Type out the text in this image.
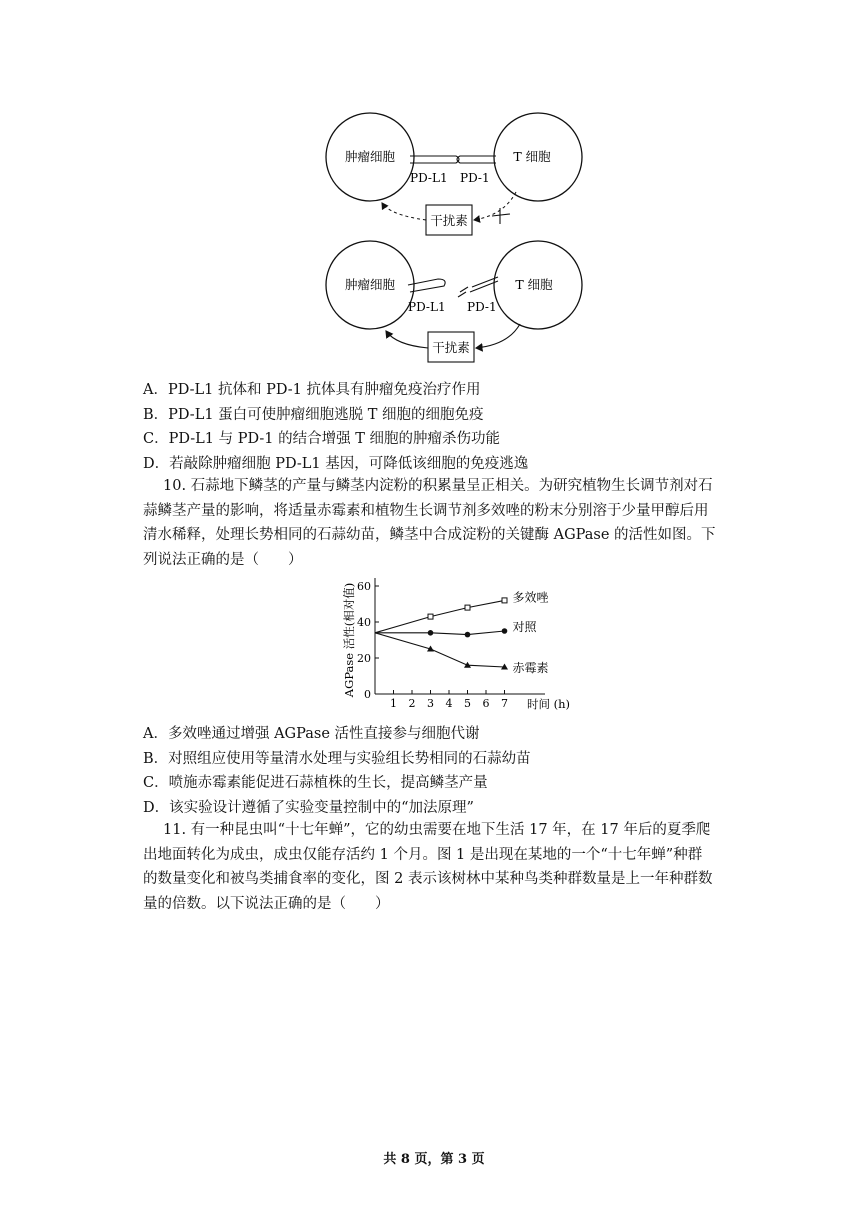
肿瘤细胞	T 细胞
PD-L1 PD-1
干扰素
肿瘤细胞	T 细胞
PD-L1 PD-1
干扰素
A．PD-L1 抗体和 PD-1 抗体具有肿瘤免疫治疗作用
B．PD-L1 蛋白可使肿瘤细胞逃脱 T 细胞的细胞免疫
C．PD-L1 与 PD-1 的结合增强 T 细胞的肿瘤杀伤功能
D．若敲除肿瘤细胞 PD-L1 基因，可降低该细胞的免疫逃逸
10. 石蒜地下鳞茎的产量与鳞茎内淀粉的积累量呈正相关。为研究植物生长调节剂对石
蒜鳞茎产量的影响，将适量赤霉素和植物生长调节剂多效唑的粉末分别溶于少量甲醇后用
清水稀释，处理长势相同的石蒜幼苗，鳞茎中合成淀粉的关键酶 AGPase 的活性如图。下
列说法正确的是（　　）
0
20
40
60
1 2 3 4 5 6 7 时间 (h)
AGPase 活性(相对值)	多效唑
对照
赤霉素
A．多效唑通过增强 AGPase 活性直接参与细胞代谢
B．对照组应使用等量清水处理与实验组长势相同的石蒜幼苗
C．喷施赤霉素能促进石蒜植株的生长，提高鳞茎产量
D．该实验设计遵循了实验变量控制中的“加法原理”
11. 有一种昆虫叫“十七年蝉”，它的幼虫需要在地下生活 17 年，在 17 年后的夏季爬
出地面转化为成虫，成虫仅能存活约 1 个月。图 1 是出现在某地的一个“十七年蝉”种群
的数量变化和被鸟类捕食率的变化，图 2 表示该树林中某种鸟类种群数量是上一年种群数
量的倍数。以下说法正确的是（　　）
共 8 页，第 3 页
